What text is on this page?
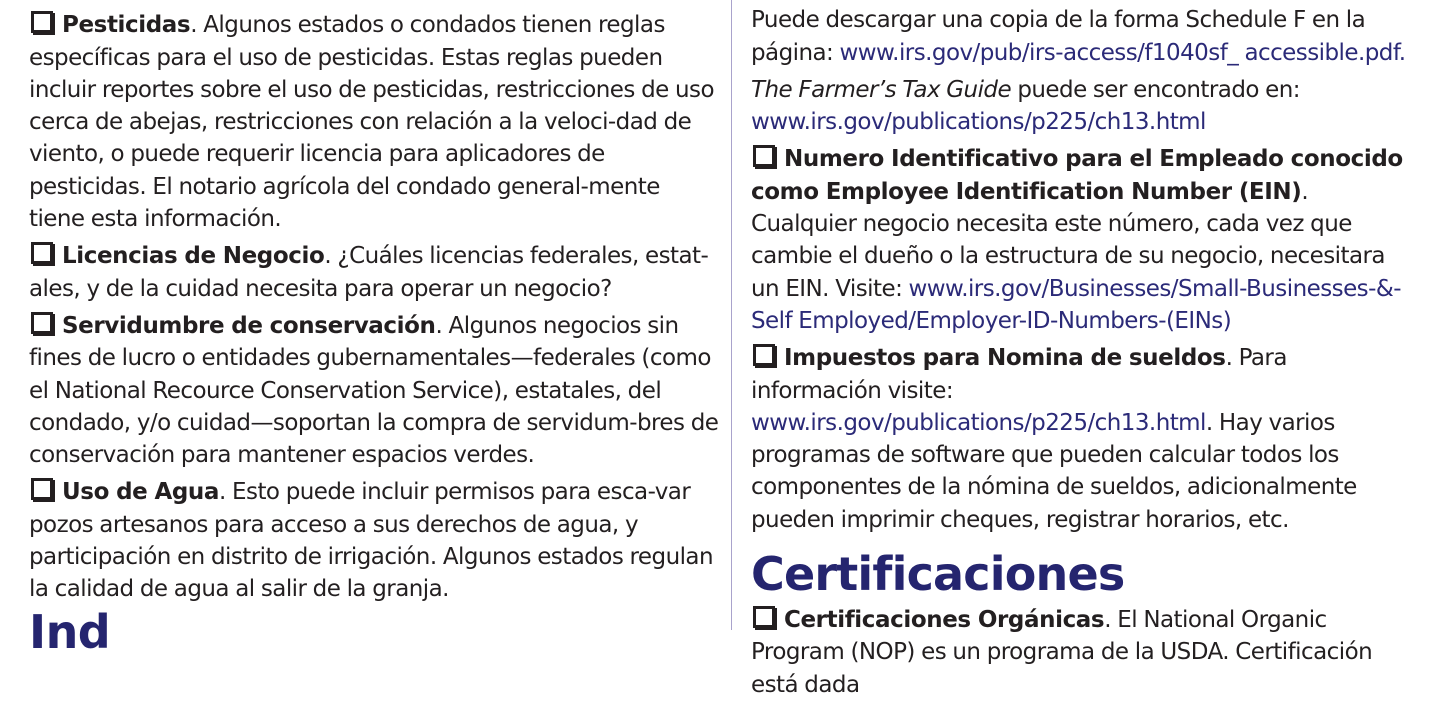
Pesticidas. Algunos estados o condados tienen reglas específicas para el uso de pesticidas. Estas reglas pueden incluir reportes sobre el uso de pesticidas, restricciones de uso cerca de abejas, restricciones con relación a la veloci-dad de viento, o puede requerir licencia para aplicadores de pesticidas. El notario agrícola del condado general-mente tiene esta información.

Licencias de Negocio. ¿Cuáles licencias federales, estat-ales, y de la cuidad necesita para operar un negocio?

Servidumbre de conservación. Algunos negocios sin fines de lucro o entidades gubernamentales—federales (como el National Recource Conservation Service), estatales, del condado, y/o cuidad—soportan la compra de servidum-bres de conservación para mantener espacios verdes.

Uso de Agua. Esto puede incluir permisos para esca-var pozos artesanos para acceso a sus derechos de agua, y participación en distrito de irrigación. Algunos estados regulan la calidad de agua al salir de la granja.

Ind

Puede descargar una copia de la forma Schedule F en la página: www.irs.gov/pub/irs-access/f1040sf_ accessible.pdf.

The Farmer’s Tax Guide puede ser encontrado en:
www.irs.gov/publications/p225/ch13.html

Numero Identificativo para el Empleado conocido como Employee Identification Number (EIN). Cualquier negocio necesita este número, cada vez que cambie el dueño o la estructura de su negocio, necesitara un EIN. Visite: www.irs.gov/Businesses/Small-Businesses-&-Self Employed/Employer-ID-Numbers-(EINs)

Impuestos para Nomina de sueldos. Para información visite: www.irs.gov/publications/p225/ch13.html. Hay varios programas de software que pueden calcular todos los componentes de la nómina de sueldos, adicionalmente pueden imprimir cheques, registrar horarios, etc.

Certificaciones

Certificaciones Orgánicas. El National Organic Program (NOP) es un programa de la USDA. Certificación está dada
